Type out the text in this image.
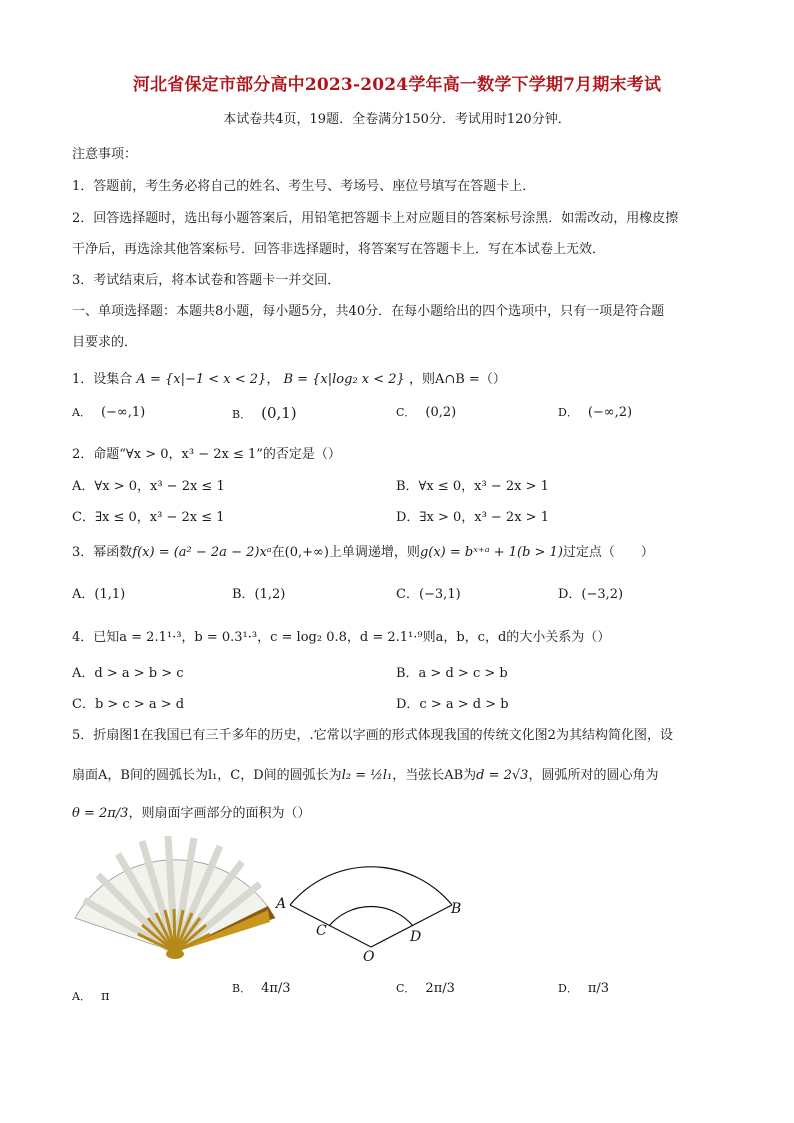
河北省保定市部分高中2023-2024学年高一数学下学期7月期末考试
本试卷共4页，19题．全卷满分150分．考试用时120分钟．
注意事项：
1．答题前，考生务必将自己的姓名、考生号、考场号、座位号填写在答题卡上．
2．回答选择题时，选出每小题答案后，用铅笔把答题卡上对应题目的答案标号涂黑．如需改动，用橡皮擦
干净后，再选涂其他答案标号．回答非选择题时，将答案写在答题卡上．写在本试卷上无效．
3．考试结束后，将本试卷和答题卡一并交回．
一、单项选择题：本题共8小题，每小题5分，共40分．在每小题给出的四个选项中，只有一项是符合题
目要求的．
1．设集合 A = {x|−1 < x < 2}， B = {x|log₂ x < 2} ，则A∩B =（）
A． (−∞,1)	B． (0,1)	C． (0,2)	D． (−∞,2)
2．命题“∀x > 0，x³ − 2x ≤ 1”的否定是（）
A．∀x > 0，x³ − 2x ≤ 1	B．∀x ≤ 0，x³ − 2x > 1
C．∃x ≤ 0，x³ − 2x ≤ 1	D．∃x > 0，x³ − 2x > 1
3．幂函数f(x) = (a² − 2a − 2)xᵃ在(0,+∞)上单调递增，则g(x) = bˣ⁺ᵃ + 1(b > 1)过定点（　　）
A．(1,1)	B．(1,2)	C．(−3,1)	D．(−3,2)
4．已知a = 2.1¹·³，b = 0.3¹·³，c = log₂ 0.8，d = 2.1¹·⁹则a，b，c，d的大小关系为（）
A．d > a > b > c	B．a > d > c > b
C．b > c > a > d	D．c > a > d > b
5．折扇图1在我国已有三千多年的历史，.它常以字画的形式体现我国的传统文化图2为其结构简化图，设
扇面A，B间的圆弧长为l₁，C，D间的圆弧长为l₂ = ½l₁，当弦长AB为d = 2√3，圆弧所对的圆心角为
θ = 2π/3，则扇面字画部分的面积为（）
A	B
C	D
O
A． π
B． 4π/3	C． 2π/3	D． π/3
